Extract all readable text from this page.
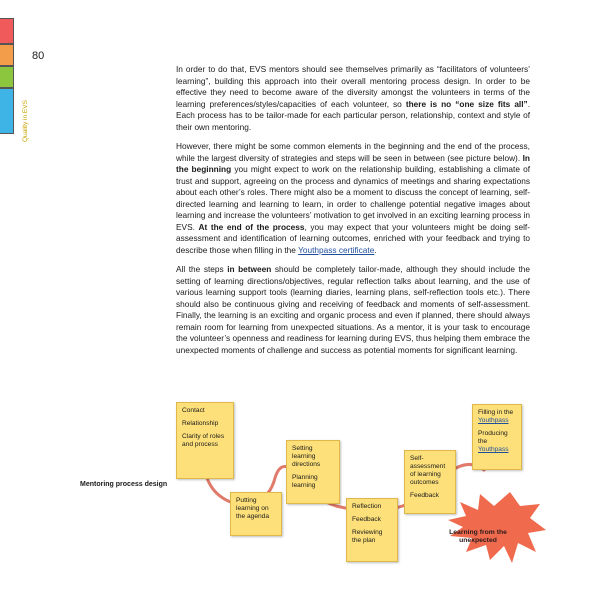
80
Quality in EVS

In order to do that, EVS mentors should see themselves primarily as “facilitators of volunteers’ learning”, building this approach into their overall mentoring process design. In order to be effective they need to become aware of the diversity amongst the volunteers in terms of the learning preferences/styles/capacities of each volunteer, so there is no “one size fits all”. Each process has to be tailor-made for each particular person, relationship, context and style of their own mentoring.

However, there might be some common elements in the beginning and the end of the process, while the largest diversity of strategies and steps will be seen in between (see picture below). In the beginning you might expect to work on the relationship building, establishing a climate of trust and support, agreeing on the process and dynamics of meetings and sharing expectations about each other’s roles. There might also be a moment to discuss the concept of learning, self-directed learning and learning to learn, in order to challenge potential negative images about learning and increase the volunteers’ motivation to get involved in an exciting learning process in EVS. At the end of the process, you may expect that your volunteers might be doing self-assessment and identification of learning outcomes, enriched with your feedback and trying to describe those when filling in the Youthpass certificate.

All the steps in between should be completely tailor-made, although they should include the setting of learning directions/objectives, regular reflection talks about learning, and the use of various learning support tools (learning diaries, learning plans, self-reflection tools etc.). There should also be continuous giving and receiving of feedback and moments of self-assessment. Finally, the learning is an exciting and organic process and even if planned, there should always remain room for learning from unexpected situations. As a mentor, it is your task to encourage the volunteer’s openness and readiness for learning during EVS, thus helping them embrace the unexpected moments of challenge and success as potential moments for significant learning.

Mentoring process design
Contact
Relationship
Clarity of roles and process
Putting learning on the agenda
Setting learning directions
Planning learning
Reflection
Feedback
Reviewing the plan
Self-assessment of learning outcomes
Feedback
Filling in the Youthpass
Producing the Youthpass
Learning from the unexpected
